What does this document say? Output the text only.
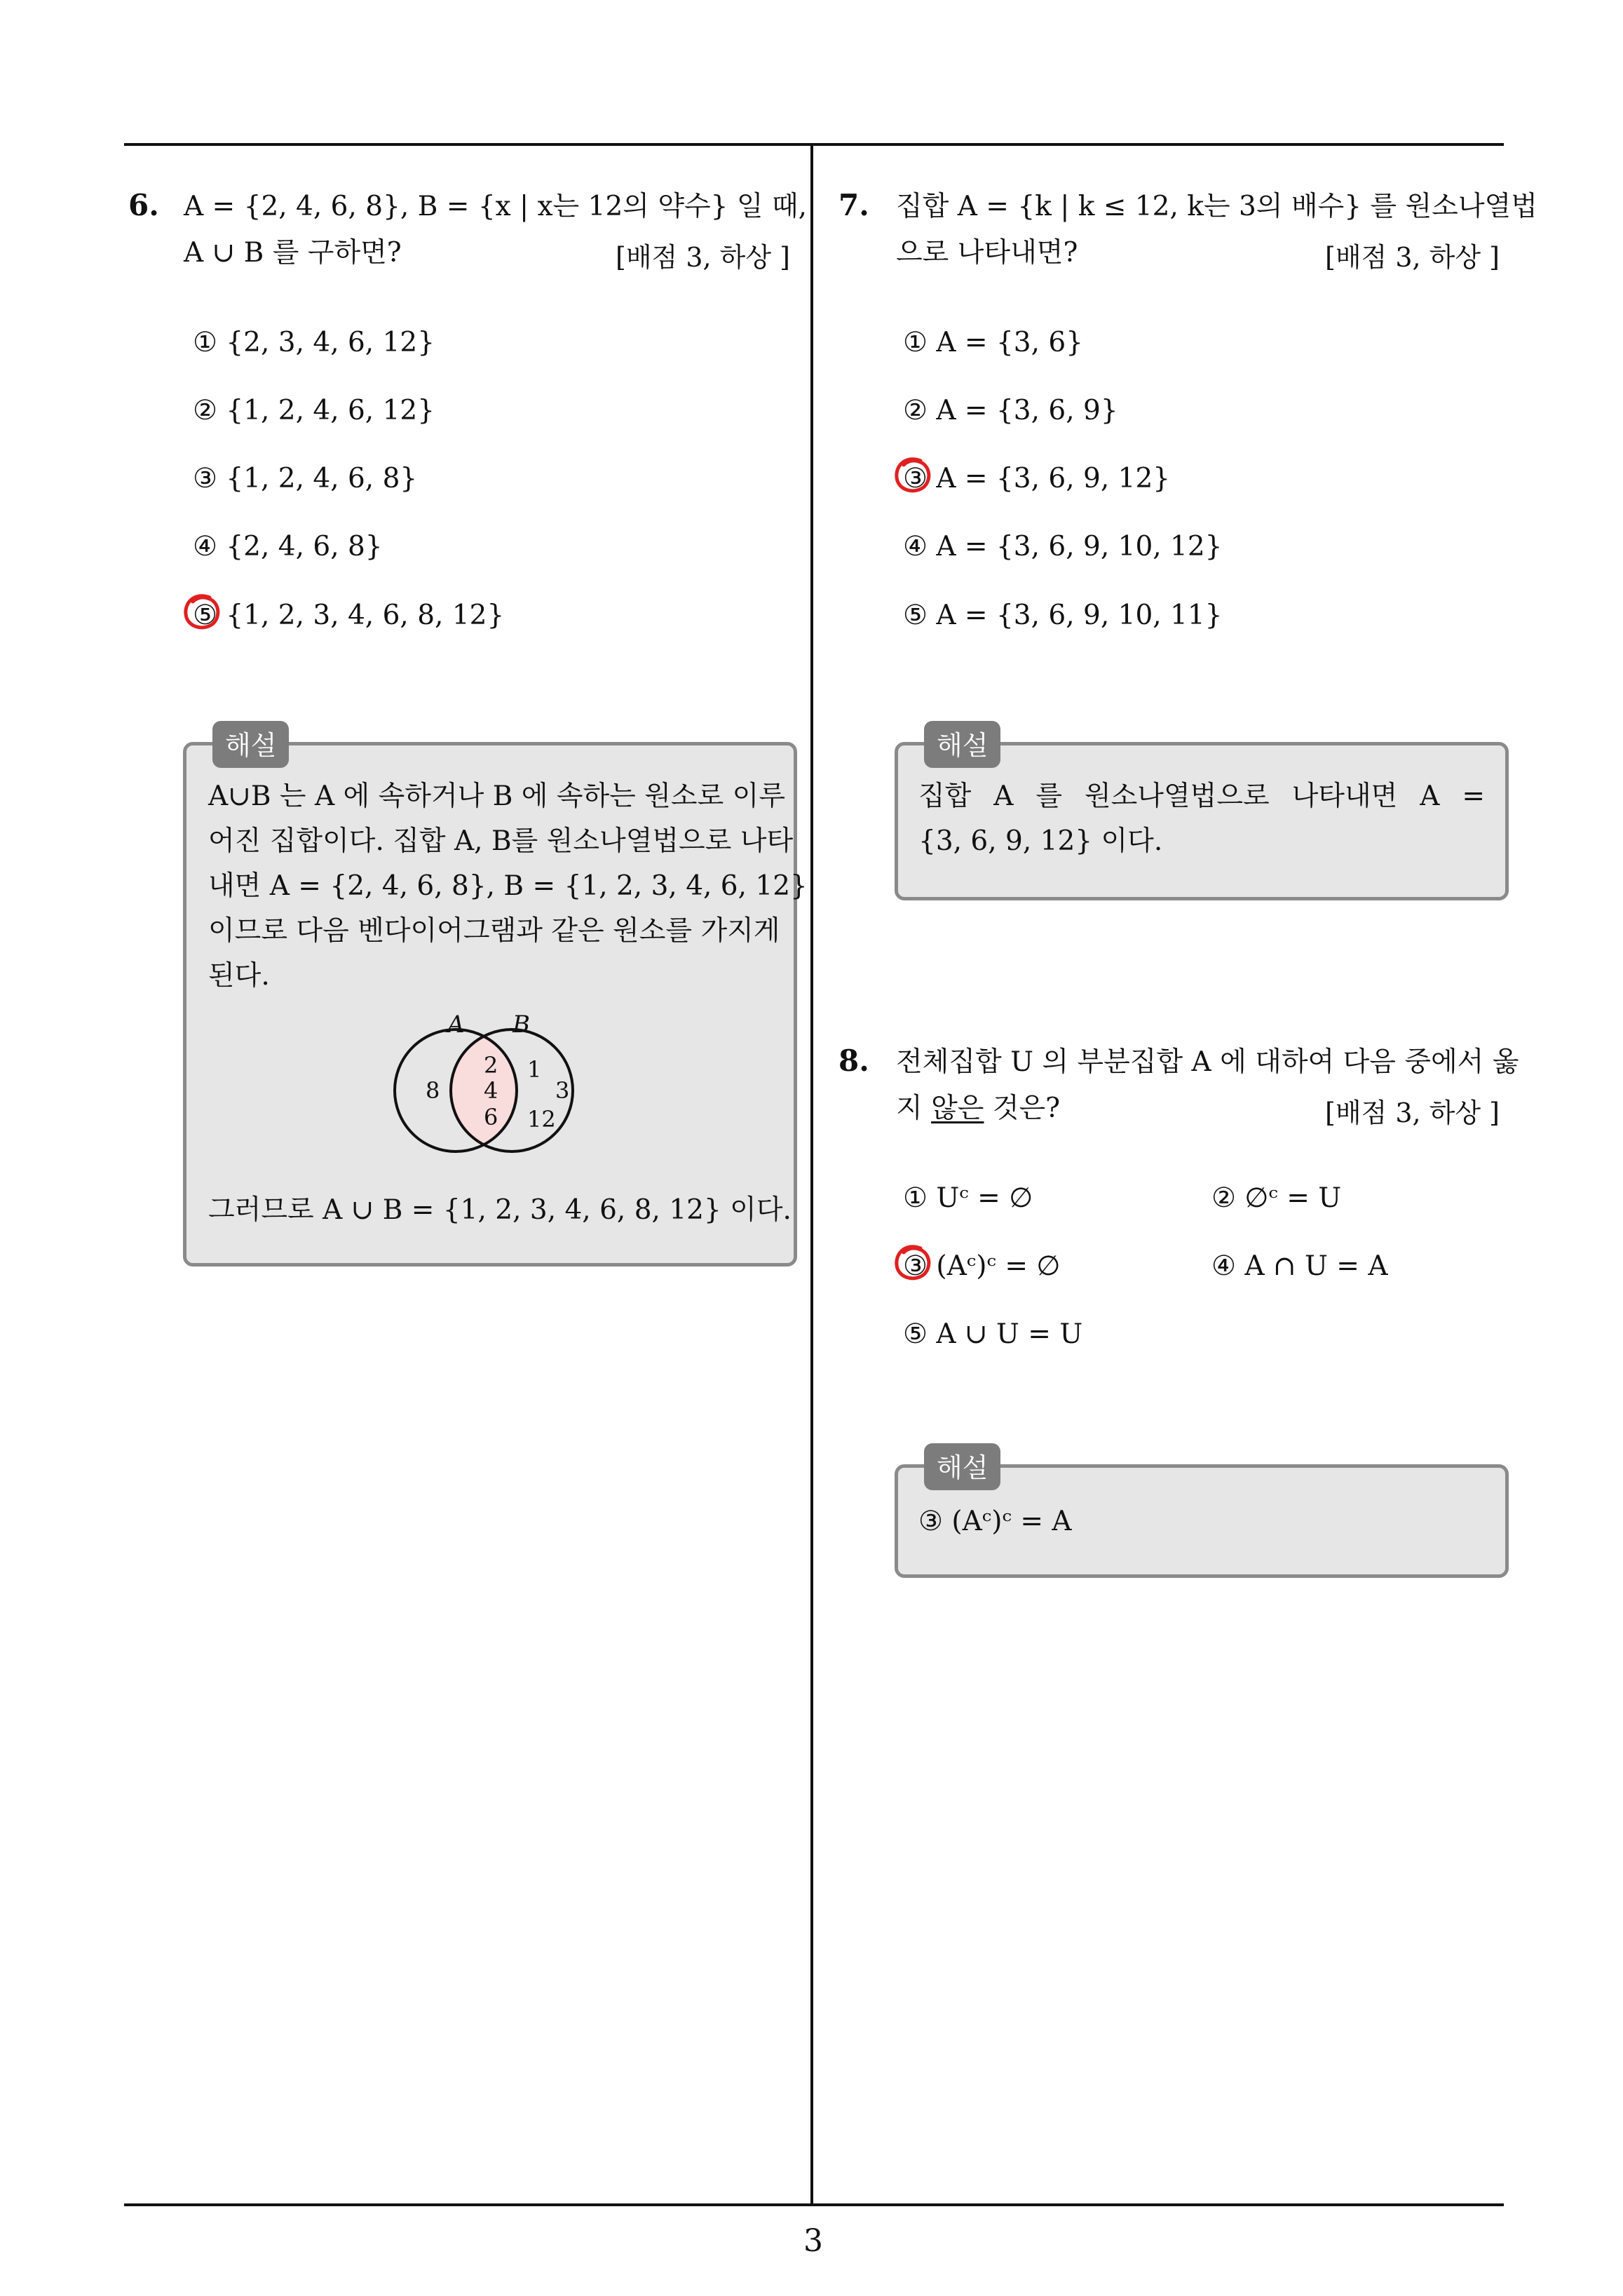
6. A = {2, 4, 6, 8}, B = {x | x는 12의 약수} 일 때,
A ∪ B 를 구하면?	[배점 3, 하상 ]
① {2, 3, 4, 6, 12}
② {1, 2, 4, 6, 12}
③ {1, 2, 4, 6, 8}
④ {2, 4, 6, 8}
⑤ {1, 2, 3, 4, 6, 8, 12}
해설
A∪B 는 A 에 속하거나 B 에 속하는 원소로 이루
어진 집합이다. 집합 A, B를 원소나열법으로 나타
내면 A = {2, 4, 6, 8}, B = {1, 2, 3, 4, 6, 12}
이므로 다음 벤다이어그램과 같은 원소를 가지게
된다.
A B
8
2
4
6
1
3
12
그러므로 A ∪ B = {1, 2, 3, 4, 6, 8, 12} 이다.
7. 집합 A = {k | k ≤ 12, k는 3의 배수} 를 원소나열법
으로 나타내면?	[배점 3, 하상 ]
① A = {3, 6}
② A = {3, 6, 9}
③ A = {3, 6, 9, 12}
④ A = {3, 6, 9, 10, 12}
⑤ A = {3, 6, 9, 10, 11}
해설
집합 A 를 원소나열법으로 나타내면 A =
{3, 6, 9, 12} 이다.
8. 전체집합 U 의 부분집합 A 에 대하여 다음 중에서 옳
지 않은 것은?	[배점 3, 하상 ]
① Uᶜ = ∅	② ∅ᶜ = U
③ (Aᶜ)ᶜ = ∅	④ A ∩ U = A
⑤ A ∪ U = U
해설
③ (Aᶜ)ᶜ = A
3
